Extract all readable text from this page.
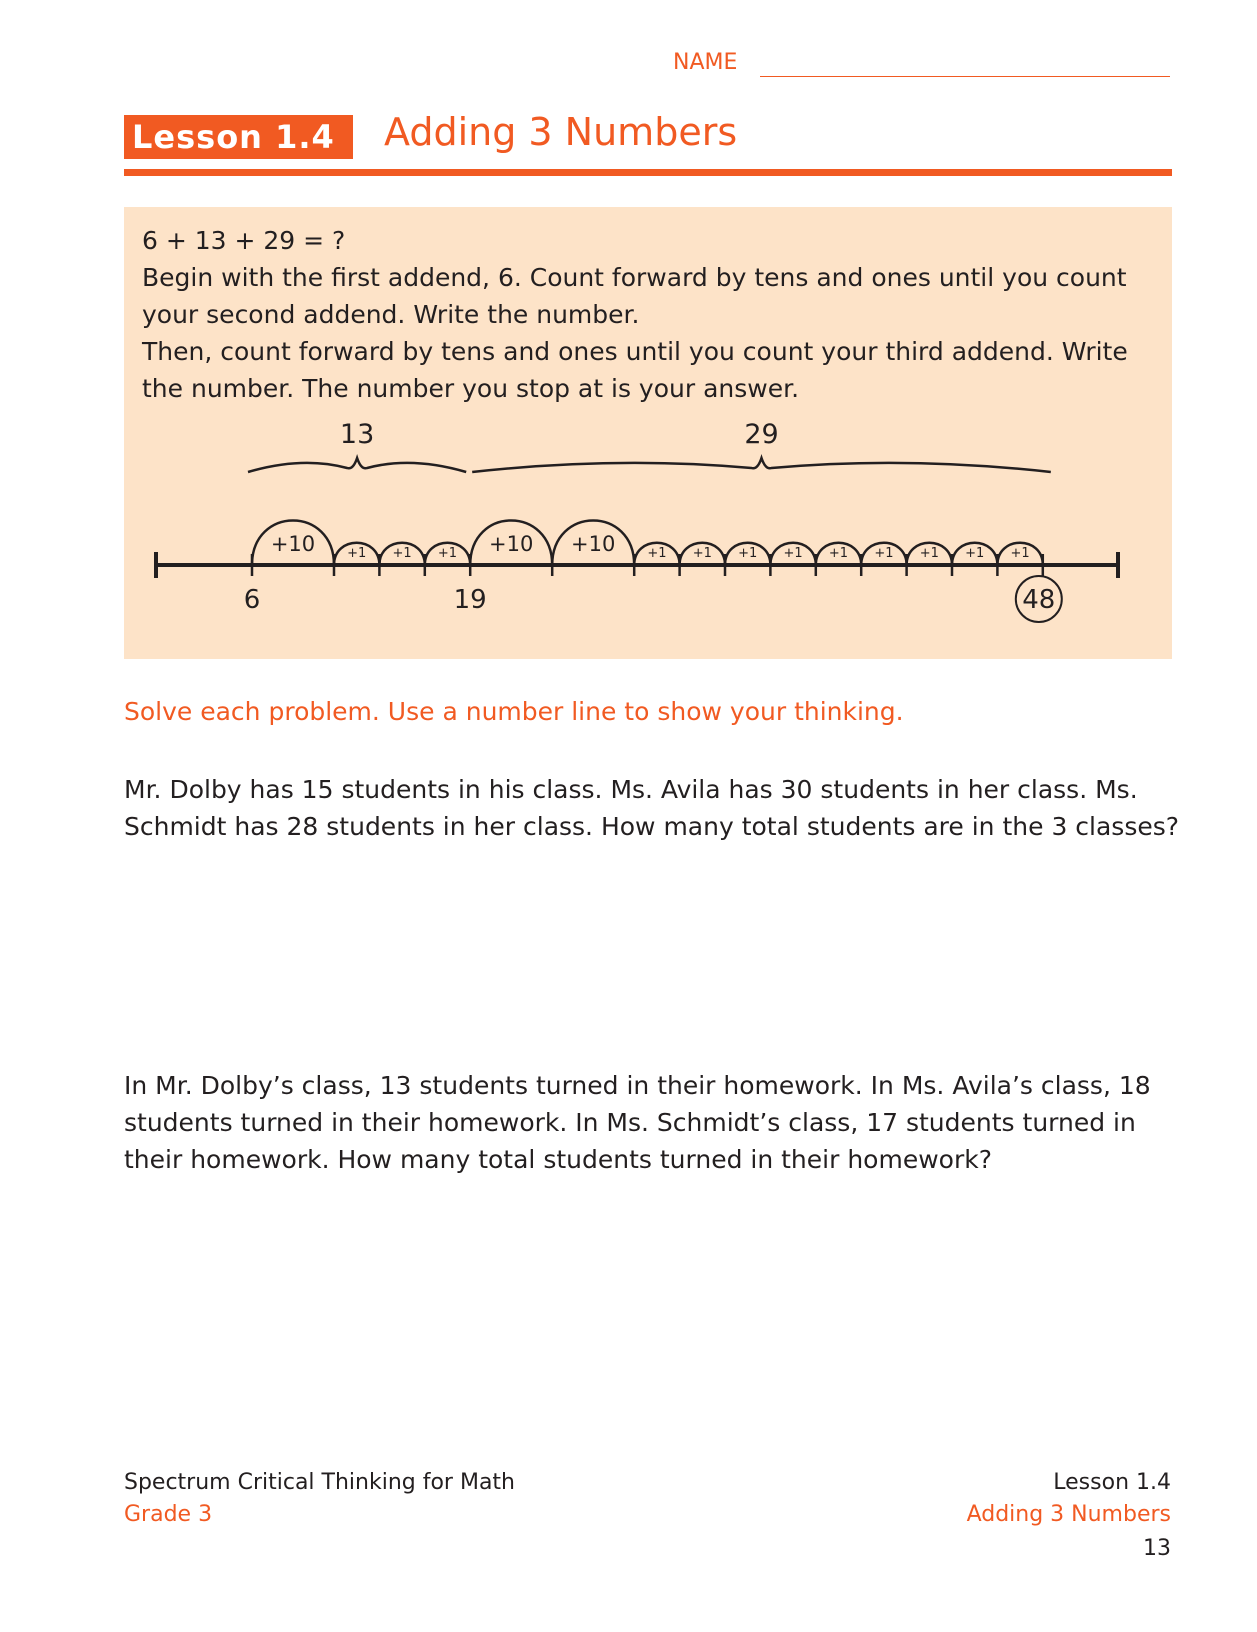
NAME
Lesson 1.4	Adding 3 Numbers

6 + 13 + 29 = ?

Begin with the first addend, 6. Count forward by tens and ones until you count your second addend. Write the number.

Then, count forward by tens and ones until you count your third addend. Write the number. The number you stop at is your answer.

+10 +1 +1 +1 +10 +10 +1 +1 +1 +1 +1 +1 +1 +1 +1
6	19	48
13	29

Solve each problem. Use a number line to show your thinking.

Mr. Dolby has 15 students in his class. Ms. Avila has 30 students in her class. Ms. Schmidt has 28 students in her class. How many total students are in the 3 classes?

In Mr. Dolby’s class, 13 students turned in their homework. In Ms. Avila’s class, 18 students turned in their homework. In Ms. Schmidt’s class, 17 students turned in their homework. How many total students turned in their homework?

Spectrum Critical Thinking for Math
Grade 3
Lesson 1.4
Adding 3 Numbers
13
